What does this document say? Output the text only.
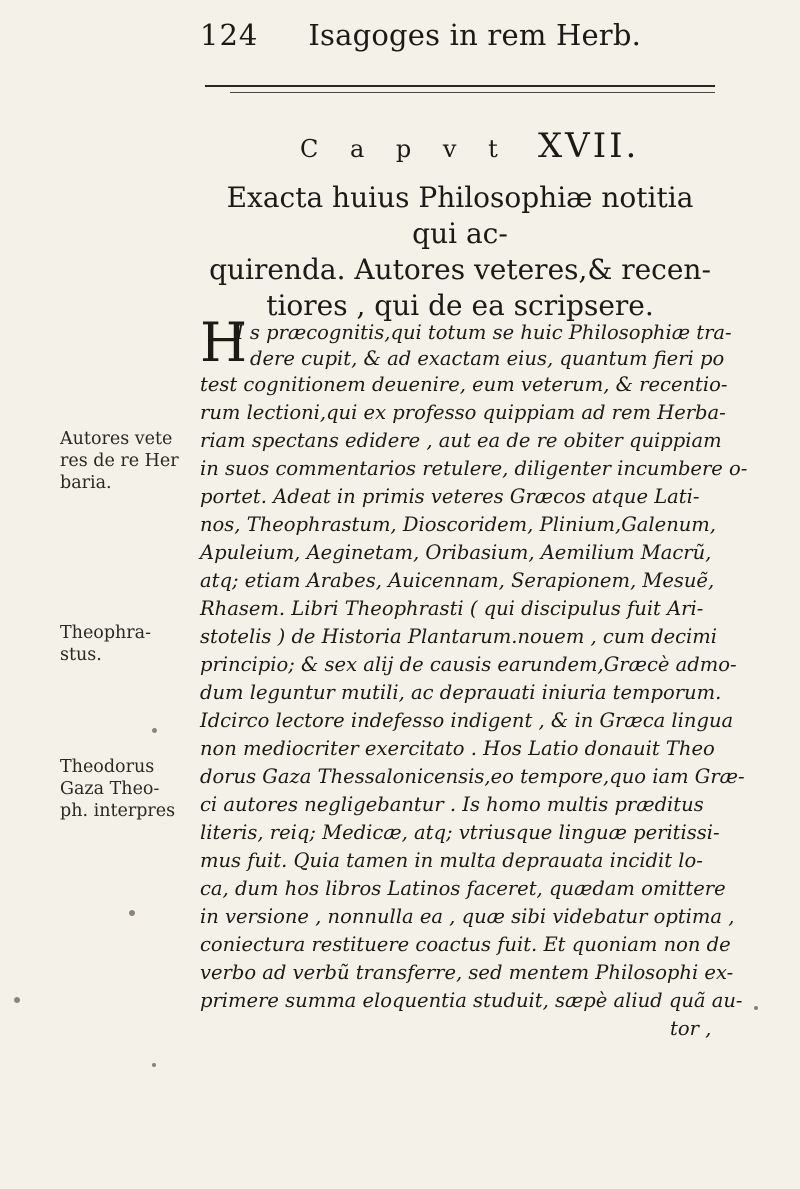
124 Isagoges in rem Herb.
C a p v t XVII.
Exacta huius Philosophiæ notitia qui ac-
quirenda. Autores veteres,& recen-
tiores , qui de ea scripsere.
H
I s præcognitis,qui totum se huic Philosophiæ tra-
dere cupit, & ad exactam eius, quantum fieri po
test cognitionem deuenire, eum veterum, & recentio-
rum lectioni,qui ex professo quippiam ad rem Herba-
riam spectans edidere , aut ea de re obiter quippiam
in suos commentarios retulere, diligenter incumbere o-
portet. Adeat in primis veteres Græcos atque Lati-
nos, Theophrastum, Dioscoridem, Plinium,Galenum,
Apuleium, Aeginetam, Oribasium, Aemilium Macrũ,
atq; etiam Arabes, Auicennam, Serapionem, Mesuẽ,
Rhasem. Libri Theophrasti ( qui discipulus fuit Ari-
stotelis ) de Historia Plantarum.nouem , cum decimi
principio; & sex alij de causis earundem,Græcè admo-
dum leguntur mutili, ac deprauati iniuria temporum.
Idcirco lectore indefesso indigent , & in Græca lingua
non mediocriter exercitato . Hos Latio donauit Theo
dorus Gaza Thessalonicensis,eo tempore,quo iam Græ-
ci autores negligebantur . Is homo multis præditus
literis, reiq; Medicæ, atq; vtriusque linguæ peritissi-
mus fuit. Quia tamen in multa deprauata incidit lo-
ca, dum hos libros Latinos faceret, quædam omittere
in versione , nonnulla ea , quæ sibi videbatur optima ,
coniectura restituere coactus fuit. Et quoniam non de
verbo ad verbũ transferre, sed mentem Philosophi ex-
primere summa eloquentia studuit, sæpè aliud quã au-
tor ,
Autores vete
res de re Her
baria.
Theophra-
stus.
Theodorus
Gaza Theo-
ph. interpres
